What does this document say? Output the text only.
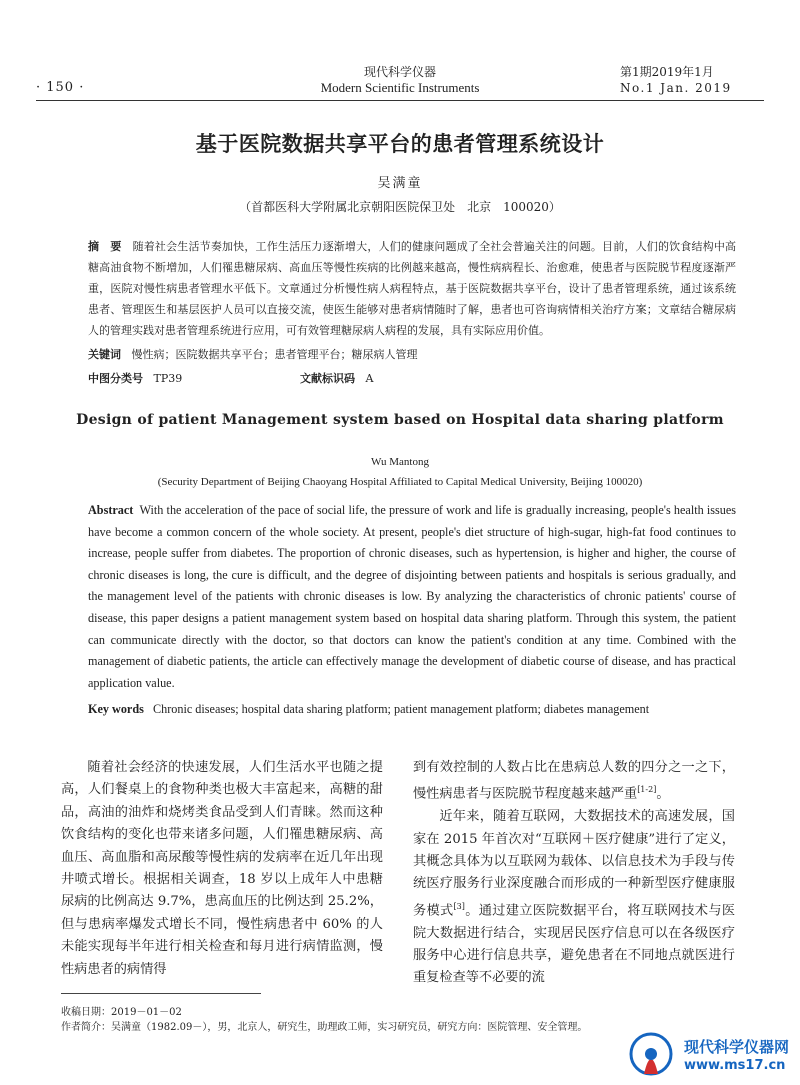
· 150 ·
现代科学仪器
Modern Scientific Instruments
第1期2019年1月
No.1 Jan. 2019
基于医院数据共享平台的患者管理系统设计
吴满童
（首都医科大学附属北京朝阳医院保卫处　北京　100020）
摘　要 随着社会生活节奏加快，工作生活压力逐渐增大，人们的健康问题成了全社会普遍关注的问题。目前，人们的饮食结构中高糖高油食物不断增加，人们罹患糖尿病、高血压等慢性疾病的比例越来越高，慢性病病程长、治愈难，使患者与医院脱节程度逐渐严重，医院对慢性病患者管理水平低下。文章通过分析慢性病人病程特点，基于医院数据共享平台，设计了患者管理系统，通过该系统患者、管理医生和基层医护人员可以直接交流，使医生能够对患者病情随时了解，患者也可咨询病情相关治疗方案；文章结合糖尿病人的管理实践对患者管理系统进行应用，可有效管理糖尿病人病程的发展，具有实际应用价值。
关键词 慢性病；医院数据共享平台；患者管理平台；糖尿病人管理
中图分类号 TP39	文献标识码 A
Design of patient Management system based on Hospital data sharing platform
Wu Mantong
(Security Department of Beijing Chaoyang Hospital Affiliated to Capital Medical University, Beijing 100020)
Abstract With the acceleration of the pace of social life, the pressure of work and life is gradually increasing, people's health issues have become a common concern of the whole society. At present, people's diet structure of high-sugar, high-fat food continues to increase, people suffer from diabetes. The proportion of chronic diseases, such as hypertension, is higher and higher, the course of chronic diseases is long, the cure is difficult, and the degree of disjointing between patients and hospitals is serious gradually, and the management level of the patients with chronic diseases is low. By analyzing the characteristics of chronic patients' course of disease, this paper designs a patient management system based on hospital data sharing platform. Through this system, the patient can communicate directly with the doctor, so that doctors can know the patient's condition at any time. Combined with the management of diabetic patients, the article can effectively manage the development of diabetic course of disease, and has practical application value.
Key words Chronic diseases; hospital data sharing platform; patient management platform; diabetes management

随着社会经济的快速发展，人们生活水平也随之提高，人们餐桌上的食物种类也极大丰富起来，高糖的甜品，高油的油炸和烧烤类食品受到人们青睐。然而这种饮食结构的变化也带来诸多问题，人们罹患糖尿病、高血压、高血脂和高尿酸等慢性病的发病率在近几年出现井喷式增长。根据相关调查，18 岁以上成年人中患糖尿病的比例高达 9.7%，患高血压的比例达到 25.2%，但与患病率爆发式增长不同，慢性病患者中 60% 的人未能实现每半年进行相关检查和每月进行病情监测，慢性病患者的病情得

到有效控制的人数占比在患病总人数的四分之一之下，慢性病患者与医院脱节程度越来越严重[1-2]。

近年来，随着互联网，大数据技术的高速发展，国家在 2015 年首次对“互联网＋医疗健康”进行了定义，其概念具体为以互联网为载体、以信息技术为手段与传统医疗服务行业深度融合而形成的一种新型医疗健康服务模式[3]。通过建立医院数据平台，将互联网技术与医院大数据进行结合，实现居民医疗信息可以在各级医疗服务中心进行信息共享，避免患者在不同地点就医进行重复检查等不必要的流

收稿日期：2019－01－02
作者简介：吴满童（1982.09－），男，北京人，研究生，助理政工师，实习研究员，研究方向：医院管理、安全管理。
现代科学仪器网
www.ms17.cn
